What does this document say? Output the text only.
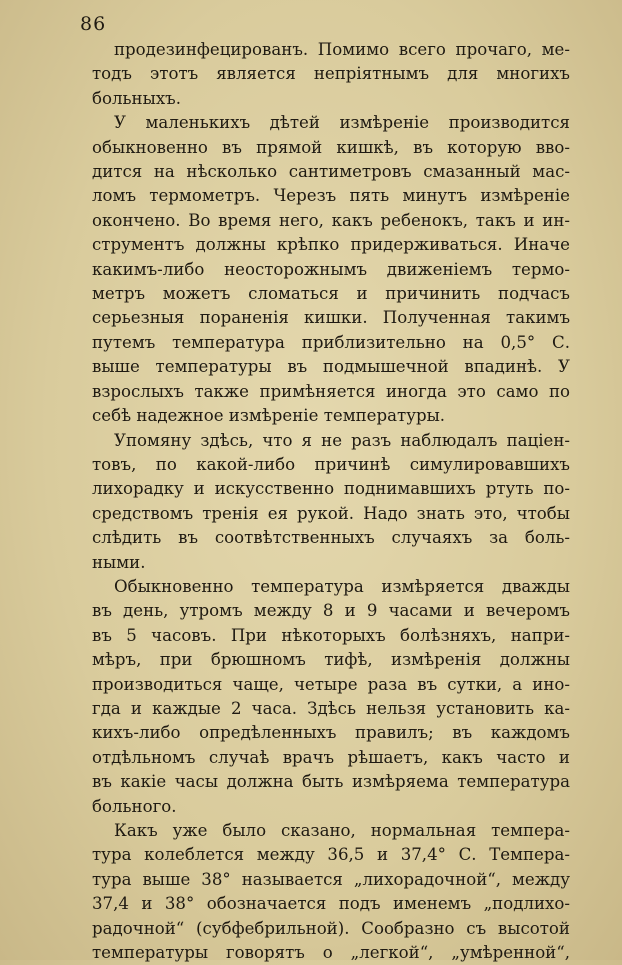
86

продезинфецированъ. Помимо всего прочаго, ме-
тодъ этотъ является непріятнымъ для многихъ
больныхъ.

У маленькихъ дѣтей измѣреніе производится
обыкновенно въ прямой кишкѣ, въ которую вво-
дится на нѣсколько сантиметровъ смазанный мас-
ломъ термометръ. Черезъ пять минутъ измѣреніе
окончено. Во время него, какъ ребенокъ, такъ и ин-
струментъ должны крѣпко придерживаться. Иначе
какимъ-либо неосторожнымъ движеніемъ термо-
метръ можетъ сломаться и причинить подчасъ
серьезныя пораненія кишки. Полученная такимъ
путемъ температура приблизительно на 0,5° С.
выше температуры въ подмышечной впадинѣ. У
взрослыхъ также примѣняется иногда это само по
себѣ надежное измѣреніе температуры.

Упомяну здѣсь, что я не разъ наблюдалъ паціен-
товъ, по какой-либо причинѣ симулировавшихъ
лихорадку и искусственно поднимавшихъ ртуть по-
средствомъ тренія ея рукой. Надо знать это, чтобы
слѣдить въ соотвѣтственныхъ случаяхъ за боль-
ными.

Обыкновенно температура измѣряется дважды
въ день, утромъ между 8 и 9 часами и вечеромъ
въ 5 часовъ. При нѣкоторыхъ болѣзняхъ, напри-
мѣръ, при брюшномъ тифѣ, измѣренія должны
производиться чаще, четыре раза въ сутки, а ино-
гда и каждые 2 часа. Здѣсь нельзя установить ка-
кихъ-либо опредѣленныхъ правилъ; въ каждомъ
отдѣльномъ случаѣ врачъ рѣшаетъ, какъ часто и
въ какіе часы должна быть измѣряема температура
больного.

Какъ уже было сказано, нормальная темпера-
тура колеблется между 36,5 и 37,4° С. Темпера-
тура выше 38° называется „лихорадочной“, между
37,4 и 38° обозначается подъ именемъ „подлихо-
радочной“ (субфебрильной). Сообразно съ высотой
температуры говорятъ о „легкой“, „умѣренной“,
